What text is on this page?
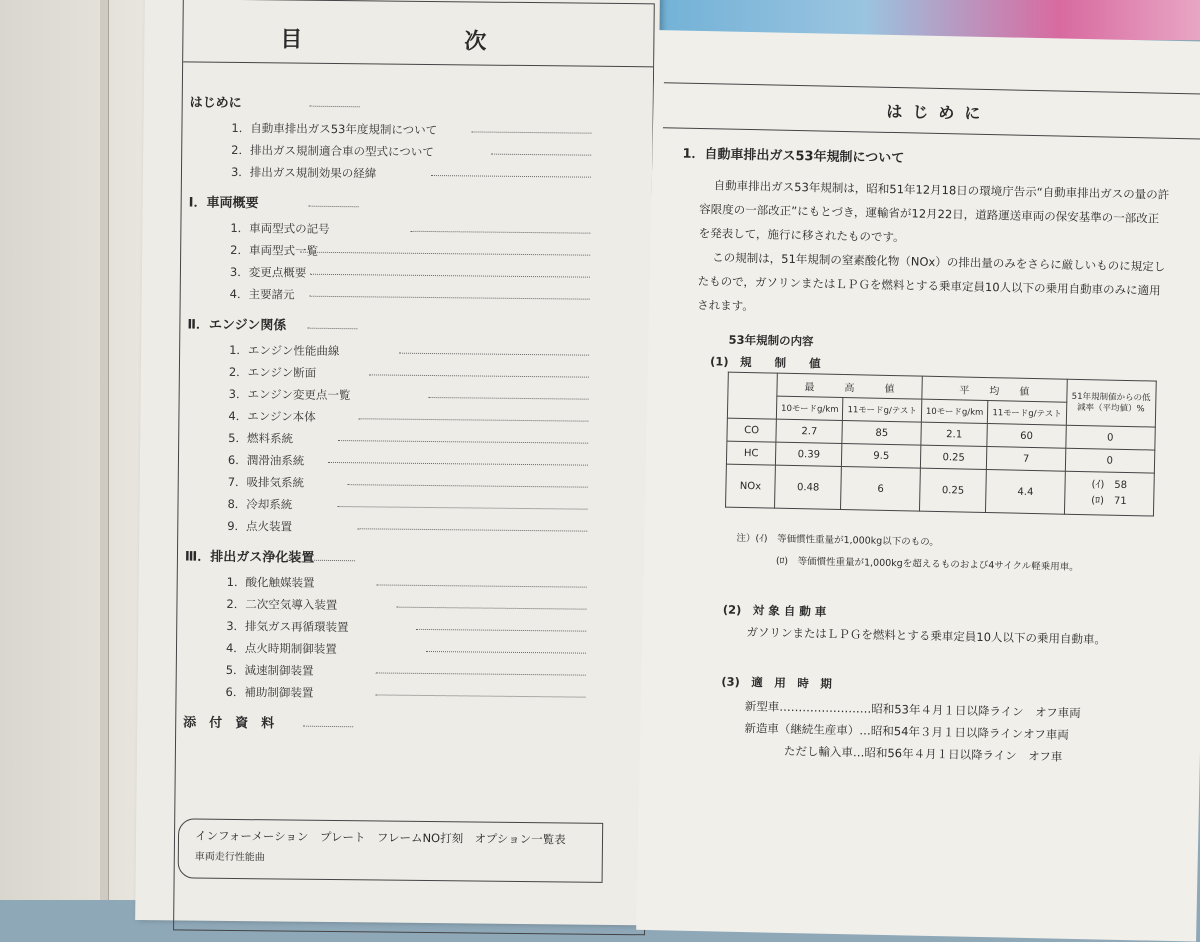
目　次
はじめに
1．自動車排出ガス53年度規制について
2．排出ガス規制適合車の型式について
3．排出ガス規制効果の経緯
Ⅰ．車両概要
1．車両型式の記号
2．車両型式一覧
3．変更点概要
4．主要諸元
Ⅱ．エンジン関係
1．エンジン性能曲線
2．エンジン断面
3．エンジン変更点一覧
4．エンジン本体
5．燃料系統
6．潤滑油系統
7．吸排気系統
8．冷却系統
9．点火装置
Ⅲ．排出ガス浄化装置
1．酸化触媒装置
2．二次空気導入装置
3．排気ガス再循環装置
4．点火時期制御装置
5．減速制御装置
6．補助制御装置
添　付　資　料
インフォーメーション　プレート　フレームNO打刻　オプション一覧表
車両走行性能曲
はじめに
1．自動車排出ガス53年規制について
自動車排出ガス53年規制は，昭和51年12月18日の環境庁告示“自動車排出ガスの量の許
容限度の一部改正”にもとづき，運輸省が12月22日，道路運送車両の保安基準の一部改正
を発表して，施行に移されたものです。
この規制は，51年規制の窒素酸化物（NOx）の排出量のみをさらに厳しいものに規定し
たもので，ガソリンまたはＬＰＧを燃料とする乗車定員10人以下の乗用自動車のみに適用
されます。
53年規制の内容
(1)　規　　制　　値
	最　　　高　　　値		平　　均　　値		51年規制値からの低減率（平均値）%
	10モードg/km	11モードg/テスト	10モードg/km	11モードg/テスト	
CO	2.7	85	2.1	60	0
HC	0.39	9.5	0.25	7	0
NOx	0.48	6	0.25	4.4	(ｲ)　 58
(ﾛ)　 71
注）(ｲ)　等価慣性重量が1,000kg以下のもの。
(ﾛ)　等価慣性重量が1,000kgを超えるものおよび4サイクル軽乗用車。
(2)　対 象 自 動 車
ガソリンまたはＬＰＧを燃料とする乗車定員10人以下の乗用自動車。
(3)　適　用　時　期
新型車……………………昭和53年４月１日以降ライン　オフ車両
新造車（継続生産車）…昭和54年３月１日以降ラインオフ車両
ただし輸入車…昭和56年４月１日以降ライン　オフ車
